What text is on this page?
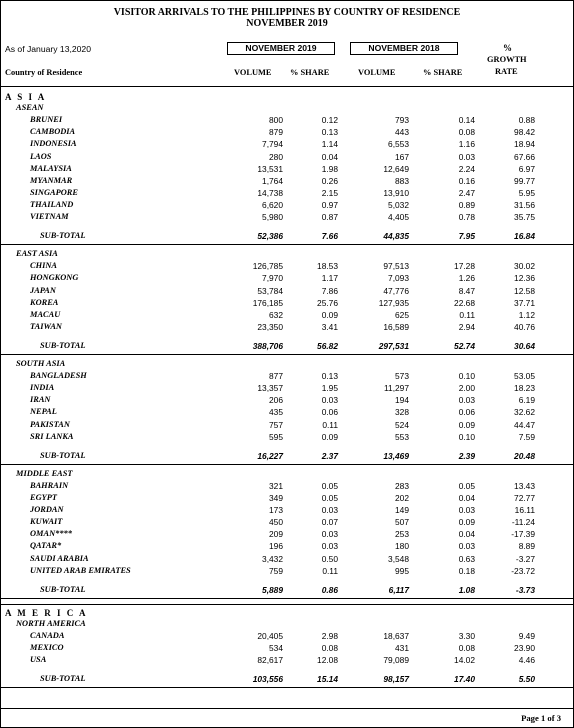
VISITOR ARRIVALS TO THE PHILIPPINES BY COUNTRY OF RESIDENCE
NOVEMBER 2019
As of January 13,2020	NOVEMBER 2019	NOVEMBER 2018	%
GROWTH
RATE
Country of Residence	VOLUME % SHARE	VOLUME	% SHARE
A S I A
ASEAN
BRUNEI	800	0.12	793	0.14	0.88
CAMBODIA	879	0.13	443	0.08	98.42
INDONESIA	7,794	1.14	6,553	1.16	18.94
LAOS	280	0.04	167	0.03	67.66
MALAYSIA	13,531	1.98	12,649	2.24	6.97
MYANMAR	1,764	0.26	883	0.16	99.77
SINGAPORE	14,738	2.15	13,910	2.47	5.95
THAILAND	6,620	0.97	5,032	0.89	31.56
VIETNAM	5,980	0.87	4,405	0.78	35.75
SUB-TOTAL	52,386	7.66	44,835	7.95	16.84
EAST ASIA
CHINA	126,785	18.53	97,513	17.28	30.02
HONGKONG	7,970	1.17	7,093	1.26	12.36
JAPAN	53,784	7.86	47,776	8.47	12.58
KOREA	176,185	25.76	127,935	22.68	37.71
MACAU	632	0.09	625	0.11	1.12
TAIWAN	23,350	3.41	16,589	2.94	40.76
SUB-TOTAL	388,706	56.82	297,531	52.74	30.64
SOUTH ASIA
BANGLADESH	877	0.13	573	0.10	53.05
INDIA	13,357	1.95	11,297	2.00	18.23
IRAN	206	0.03	194	0.03	6.19
NEPAL	435	0.06	328	0.06	32.62
PAKISTAN	757	0.11	524	0.09	44.47
SRI LANKA	595	0.09	553	0.10	7.59
SUB-TOTAL	16,227	2.37	13,469	2.39	20.48
MIDDLE EAST
BAHRAIN	321	0.05	283	0.05	13.43
EGYPT	349	0.05	202	0.04	72.77
JORDAN	173	0.03	149	0.03	16.11
KUWAIT	450	0.07	507	0.09	-11.24
OMAN****	209	0.03	253	0.04	-17.39
QATAR*	196	0.03	180	0.03	8.89
SAUDI ARABIA	3,432	0.50	3,548	0.63	-3.27
UNITED ARAB EMIRATES	759	0.11	995	0.18	-23.72
SUB-TOTAL	5,889	0.86	6,117	1.08	-3.73
A M E R I C A
NORTH AMERICA
CANADA	20,405	2.98	18,637	3.30	9.49
MEXICO	534	0.08	431	0.08	23.90
USA	82,617	12.08	79,089	14.02	4.46
SUB-TOTAL	103,556	15.14	98,157	17.40	5.50
Page 1 of 3
